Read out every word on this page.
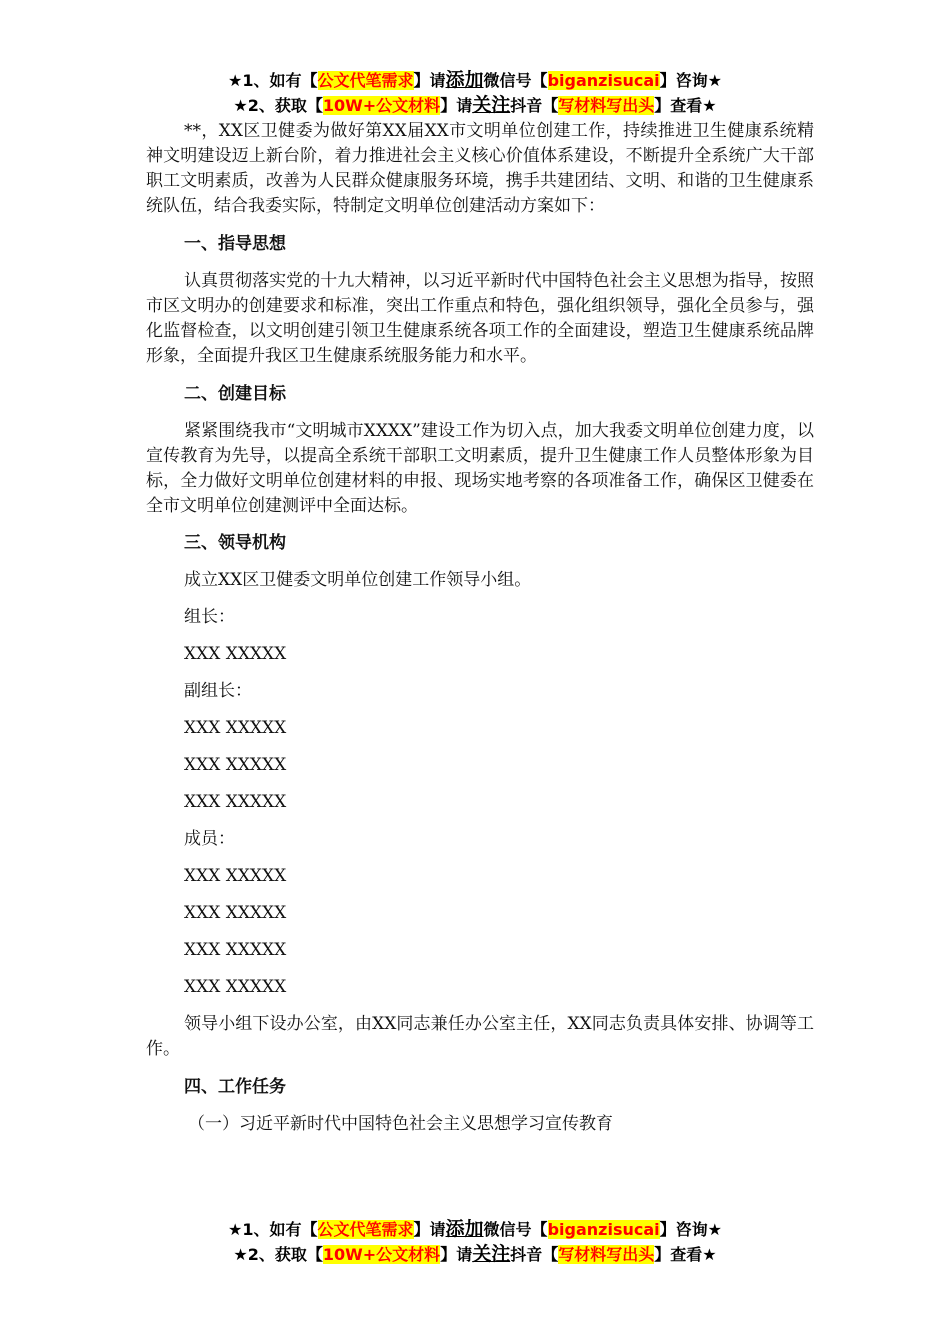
★1、如有【公文代笔需求】请添加微信号【biganzisucai】咨询★
★2、获取【10W+公文材料】请关注抖音【写材料写出头】查看★

**，XX区卫健委为做好第XX届XX市文明单位创建工作，持续推进卫生健康系统精神文明建设迈上新台阶，着力推进社会主义核心价值体系建设，不断提升全系统广大干部职工文明素质，改善为人民群众健康服务环境，携手共建团结、文明、和谐的卫生健康系统队伍，结合我委实际，特制定文明单位创建活动方案如下：

一、指导思想

认真贯彻落实党的十九大精神，以习近平新时代中国特色社会主义思想为指导，按照市区文明办的创建要求和标准，突出工作重点和特色，强化组织领导，强化全员参与，强化监督检查，以文明创建引领卫生健康系统各项工作的全面建设，塑造卫生健康系统品牌形象，全面提升我区卫生健康系统服务能力和水平。

二、创建目标

紧紧围绕我市“文明城市XXXX”建设工作为切入点，加大我委文明单位创建力度，以宣传教育为先导，以提高全系统干部职工文明素质，提升卫生健康工作人员整体形象为目标，全力做好文明单位创建材料的申报、现场实地考察的各项准备工作，确保区卫健委在全市文明单位创建测评中全面达标。

三、领导机构

成立XX区卫健委文明单位创建工作领导小组。

组长：

XXX XXXXX

副组长：

XXX XXXXX

XXX XXXXX

XXX XXXXX

成员：

XXX XXXXX

XXX XXXXX

XXX XXXXX

XXX XXXXX

领导小组下设办公室，由XX同志兼任办公室主任，XX同志负责具体安排、协调等工作。

四、工作任务

（一）习近平新时代中国特色社会主义思想学习宣传教育

★1、如有【公文代笔需求】请添加微信号【biganzisucai】咨询★
★2、获取【10W+公文材料】请关注抖音【写材料写出头】查看★
